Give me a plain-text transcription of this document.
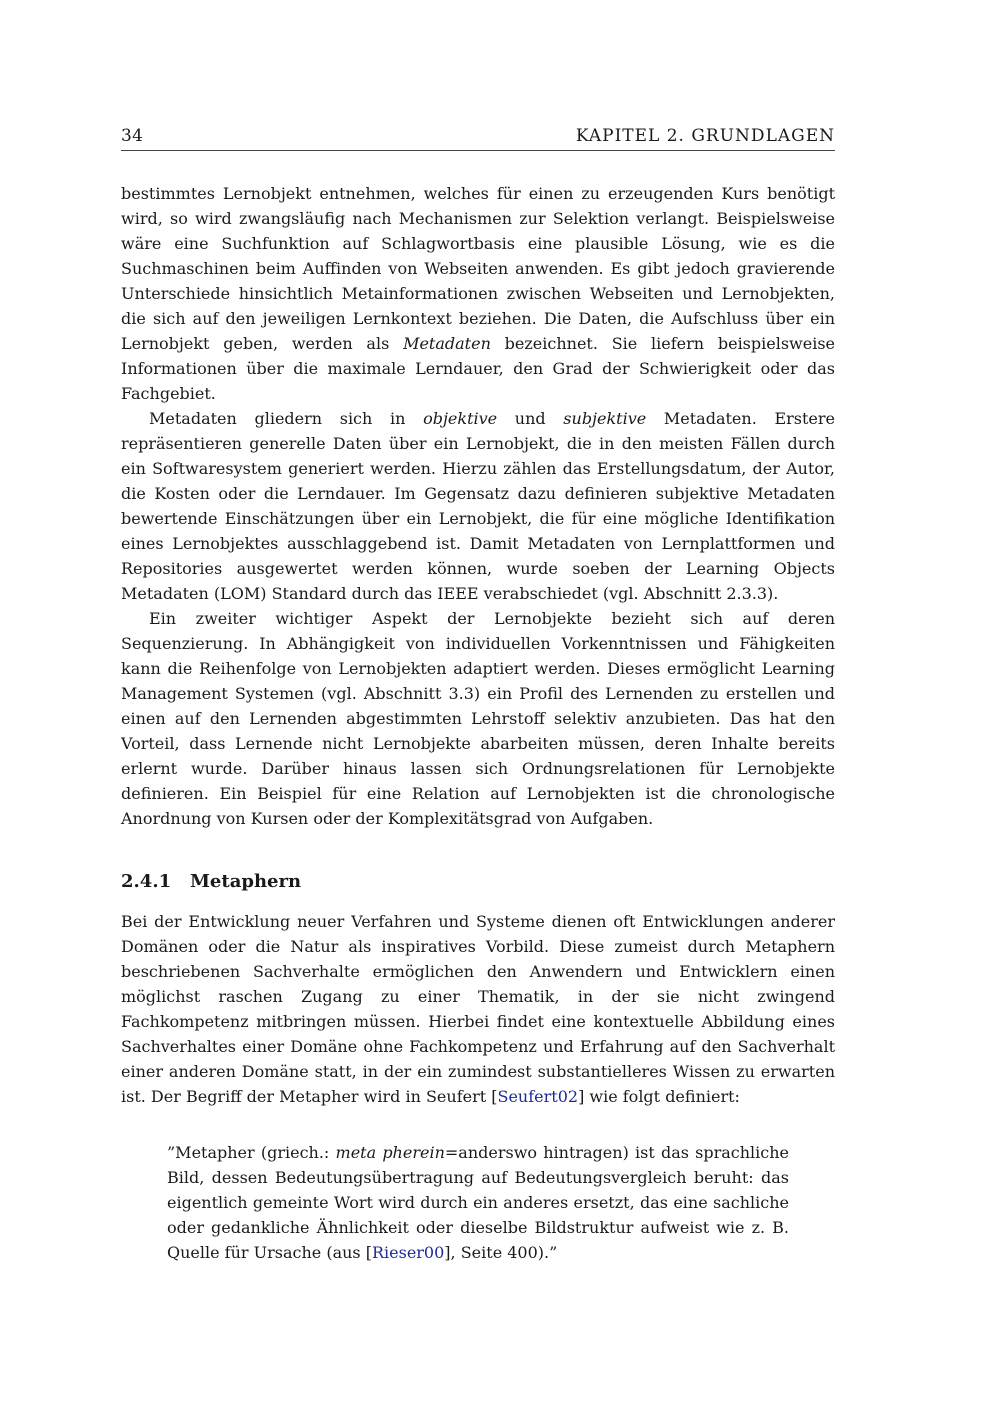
34	KAPITEL 2. GRUNDLAGEN

bestimmtes Lernobjekt entnehmen, welches für einen zu erzeugenden Kurs benötigt wird, so wird zwangsläufig nach Mechanismen zur Selektion verlangt. Beispielsweise wäre eine Suchfunktion auf Schlagwortbasis eine plausible Lösung, wie es die Suchmaschinen beim Auffinden von Webseiten anwenden. Es gibt jedoch gravierende Unterschiede hinsichtlich Metainformationen zwischen Webseiten und Lernobjekten, die sich auf den jeweiligen Lernkontext beziehen. Die Daten, die Aufschluss über ein Lernobjekt geben, werden als Metadaten bezeichnet. Sie liefern beispielsweise Informationen über die maximale Lerndauer, den Grad der Schwierigkeit oder das Fachgebiet.

Metadaten gliedern sich in objektive und subjektive Metadaten. Erstere repräsentieren generelle Daten über ein Lernobjekt, die in den meisten Fällen durch ein Softwaresystem generiert werden. Hierzu zählen das Erstellungsdatum, der Autor, die Kosten oder die Lerndauer. Im Gegensatz dazu definieren subjektive Metadaten bewertende Einschätzungen über ein Lernobjekt, die für eine mögliche Identifikation eines Lernobjektes ausschlaggebend ist. Damit Metadaten von Lernplattformen und Repositories ausgewertet werden können, wurde soeben der Learning Objects Metadaten (LOM) Standard durch das IEEE verabschiedet (vgl. Abschnitt 2.3.3).

Ein zweiter wichtiger Aspekt der Lernobjekte bezieht sich auf deren Sequenzierung. In Abhängigkeit von individuellen Vorkenntnissen und Fähigkeiten kann die Reihenfolge von Lernobjekten adaptiert werden. Dieses ermöglicht Learning Management Systemen (vgl. Abschnitt 3.3) ein Profil des Lernenden zu erstellen und einen auf den Lernenden abgestimmten Lehrstoff selektiv anzubieten. Das hat den Vorteil, dass Lernende nicht Lernobjekte abarbeiten müssen, deren Inhalte bereits erlernt wurde. Darüber hinaus lassen sich Ordnungsrelationen für Lernobjekte definieren. Ein Beispiel für eine Relation auf Lernobjekten ist die chronologische Anordnung von Kursen oder der Komplexitätsgrad von Aufgaben.

2.4.1 Metaphern

Bei der Entwicklung neuer Verfahren und Systeme dienen oft Entwicklungen anderer Domänen oder die Natur als inspiratives Vorbild. Diese zumeist durch Metaphern beschriebenen Sachverhalte ermöglichen den Anwendern und Entwicklern einen möglichst raschen Zugang zu einer Thematik, in der sie nicht zwingend Fachkompetenz mitbringen müssen. Hierbei findet eine kontextuelle Abbildung eines Sachverhaltes einer Domäne ohne Fachkompetenz und Erfahrung auf den Sachverhalt einer anderen Domäne statt, in der ein zumindest substantielleres Wissen zu erwarten ist. Der Begriff der Metapher wird in Seufert [Seufert02] wie folgt definiert:

”Metapher (griech.: meta pherein=anderswo hintragen) ist das sprachliche Bild, dessen Bedeutungsübertragung auf Bedeutungsvergleich beruht: das eigentlich gemeinte Wort wird durch ein anderes ersetzt, das eine sachliche oder gedankliche Ähnlichkeit oder dieselbe Bildstruktur aufweist wie z. B. Quelle für Ursache (aus [Rieser00], Seite 400).”
